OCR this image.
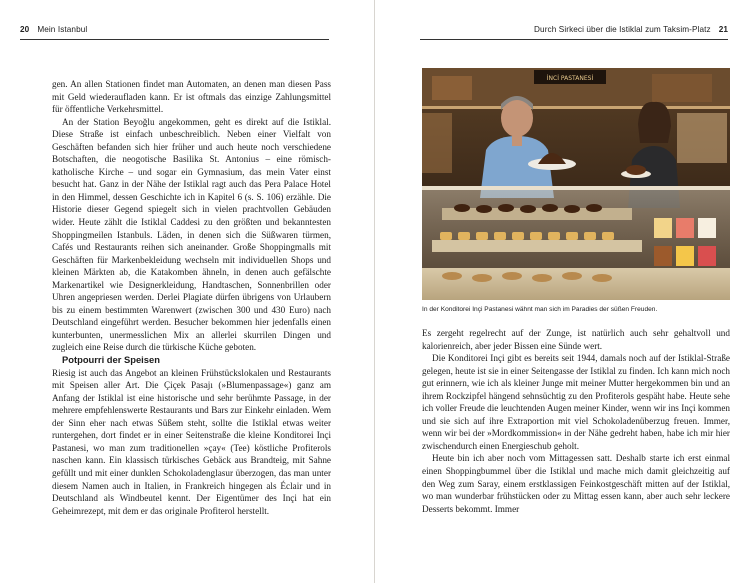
20 Mein Istanbul

gen. An allen Stationen findet man Automaten, an denen man diesen Pass mit Geld wiederaufladen kann. Er ist oftmals das einzige Zahlungsmittel für öffentliche Verkehrsmittel.

An der Station Beyoğlu angekommen, geht es direkt auf die Istiklal. Diese Straße ist einfach unbeschreiblich. Neben einer Vielfalt von Geschäften befanden sich hier früher und auch heute noch verschiedene Botschaften, die neogotische Basilika St. Antonius – eine römisch-katholische Kirche – und sogar ein Gymnasium, das mein Vater einst besucht hat. Ganz in der Nähe der Istiklal ragt auch das Pera Palace Hotel in den Himmel, dessen Geschichte ich in Kapitel 6 (s. S. 106) erzähle. Die Historie dieser Gegend spiegelt sich in vielen prachtvollen Gebäuden wider. Heute zählt die Istiklal Caddesi zu den größten und bekanntesten Shoppingmeilen Istanbuls. Läden, in denen sich die Süßwaren türmen, Cafés und Restaurants reihen sich aneinander. Große Shoppingmalls mit Geschäften für Markenbekleidung wechseln mit individuellen Shops und kleinen Märkten ab, die Katakomben ähneln, in denen auch gefälschte Markenartikel wie Designerkleidung, Handtaschen, Sonnenbrillen oder Uhren angepriesen werden. Derlei Plagiate dürfen übrigens von Urlaubern bis zu einem bestimmten Warenwert (zwischen 300 und 430 Euro) nach Deutschland eingeführt werden. Besucher bekommen hier jedenfalls einen kunterbunten, unermesslichen Mix an allerlei skurrilen Dingen und zugleich eine Reise durch die türkische Küche geboten.

Potpourri der Speisen

Riesig ist auch das Angebot an kleinen Frühstückslokalen und Restaurants mit Speisen aller Art. Die Çiçek Pasajı (»Blumenpassage«) ganz am Anfang der Istiklal ist eine historische und sehr berühmte Passage, in der mehrere empfehlenswerte Restaurants und Bars zur Einkehr einladen. Wem der Sinn eher nach etwas Süßem steht, sollte die Istiklal etwas weiter runtergehen, dort findet er in einer Seitenstraße die kleine Konditorei Inçi Pastanesi, wo man zum traditionellen »çay« (Tee) köstliche Profiterols naschen kann. Ein klassisch türkisches Gebäck aus Brandteig, mit Sahne gefüllt und mit einer dunklen Schokoladenglasur überzogen, das man unter diesem Namen auch in Italien, in Frankreich hingegen als Éclair und in Deutschland als Windbeutel kennt. Der Eigentümer des Inçi hat ein Geheimrezept, mit dem er das originale Profiterol herstellt.

Durch Sirkeci über die Istiklal zum Taksim-Platz 21
İNCİ PASTANESİ
In der Konditorei Inçi Pastanesi wähnt man sich im Paradies der süßen Freuden.

Es zergeht regelrecht auf der Zunge, ist natürlich auch sehr gehaltvoll und kalorienreich, aber jeder Bissen eine Sünde wert.

Die Konditorei Inçi gibt es bereits seit 1944, damals noch auf der Istiklal-Straße gelegen, heute ist sie in einer Seitengasse der Istiklal zu finden. Ich kann mich noch gut erinnern, wie ich als kleiner Junge mit meiner Mutter hergekommen bin und an ihrem Rockzipfel hängend sehnsüchtig zu den Profiterols gespäht habe. Heute sehe ich voller Freude die leuchtenden Augen meiner Kinder, wenn wir ins Inçi kommen und sie sich auf ihre Extraportion mit viel Schokoladenüberzug freuen. Immer, wenn wir bei der »Mordkommission« in der Nähe gedreht haben, habe ich mir hier zwischendurch einen Energieschub geholt.

Heute bin ich aber noch vom Mittagessen satt. Deshalb starte ich erst einmal einen Shoppingbummel über die Istiklal und mache mich damit gleichzeitig auf den Weg zum Saray, einem erstklassigen Feinkostgeschäft mitten auf der Istiklal, wo man wunderbar frühstücken oder zu Mittag essen kann, aber auch sehr leckere Desserts bekommt. Immer
